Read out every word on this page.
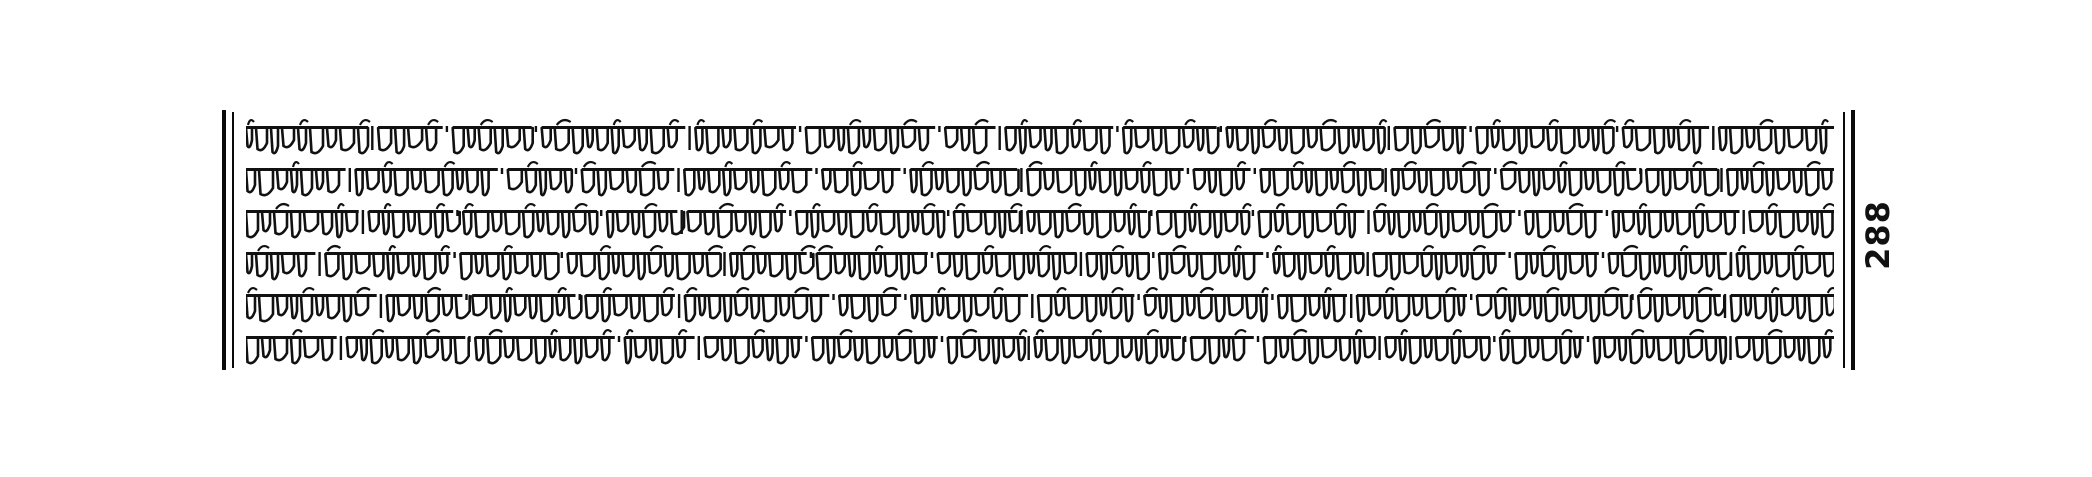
288
